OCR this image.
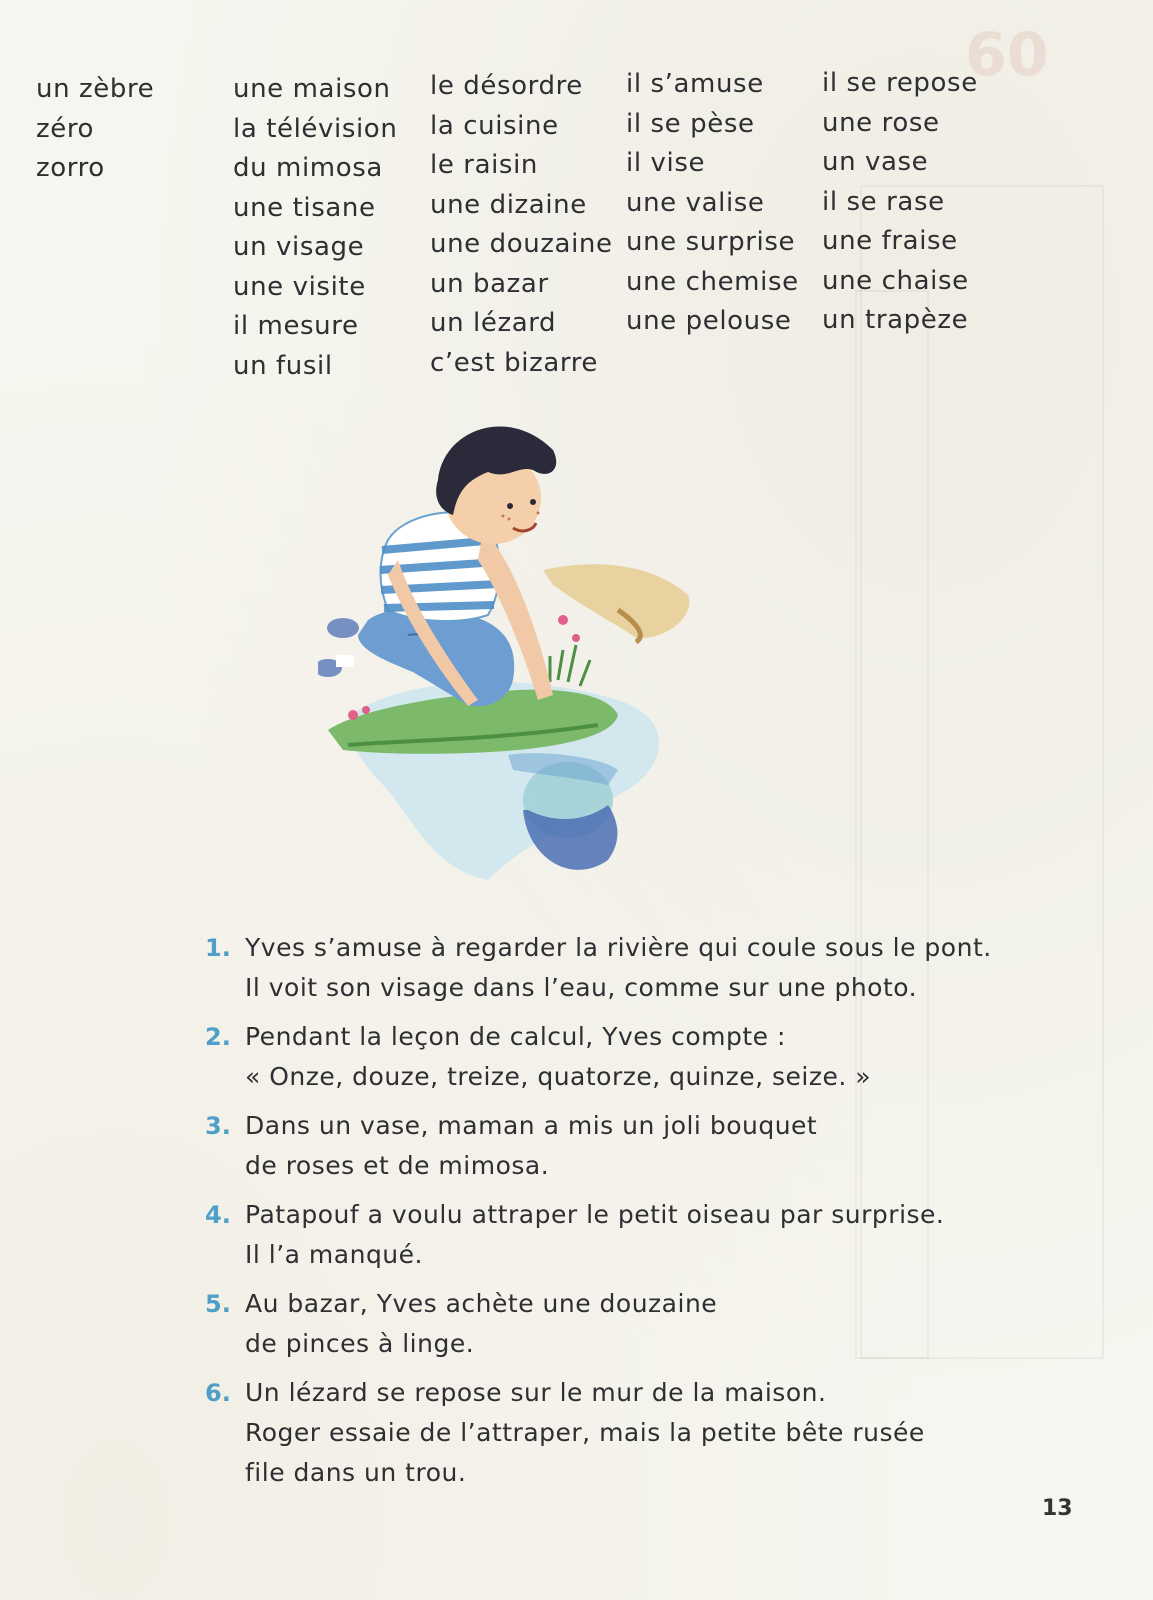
60
un zèbre
zéro
zorro
une maison
la télévision
du mimosa
une tisane
un visage
une visite
il mesure
un fusil
le désordre
la cuisine
le raisin
une dizaine
une douzaine
un bazar
un lézard
c’est bizarre
il s’amuse
il se pèse
il vise
une valise
une surprise
une chemise
une pelouse
il se repose
une rose
un vase
il se rase
une fraise
une chaise
un trapèze
1. Yves s’amuse à regarder la rivière qui coule sous le pont.
Il voit son visage dans l’eau, comme sur une photo.
2. Pendant la leçon de calcul, Yves compte :
« Onze, douze, treize, quatorze, quinze, seize. »
3. Dans un vase, maman a mis un joli bouquet
de roses et de mimosa.
4. Patapouf a voulu attraper le petit oiseau par surprise.
Il l’a manqué.
5. Au bazar, Yves achète une douzaine
de pinces à linge.
6. Un lézard se repose sur le mur de la maison.
Roger essaie de l’attraper, mais la petite bête rusée
file dans un trou.
13
